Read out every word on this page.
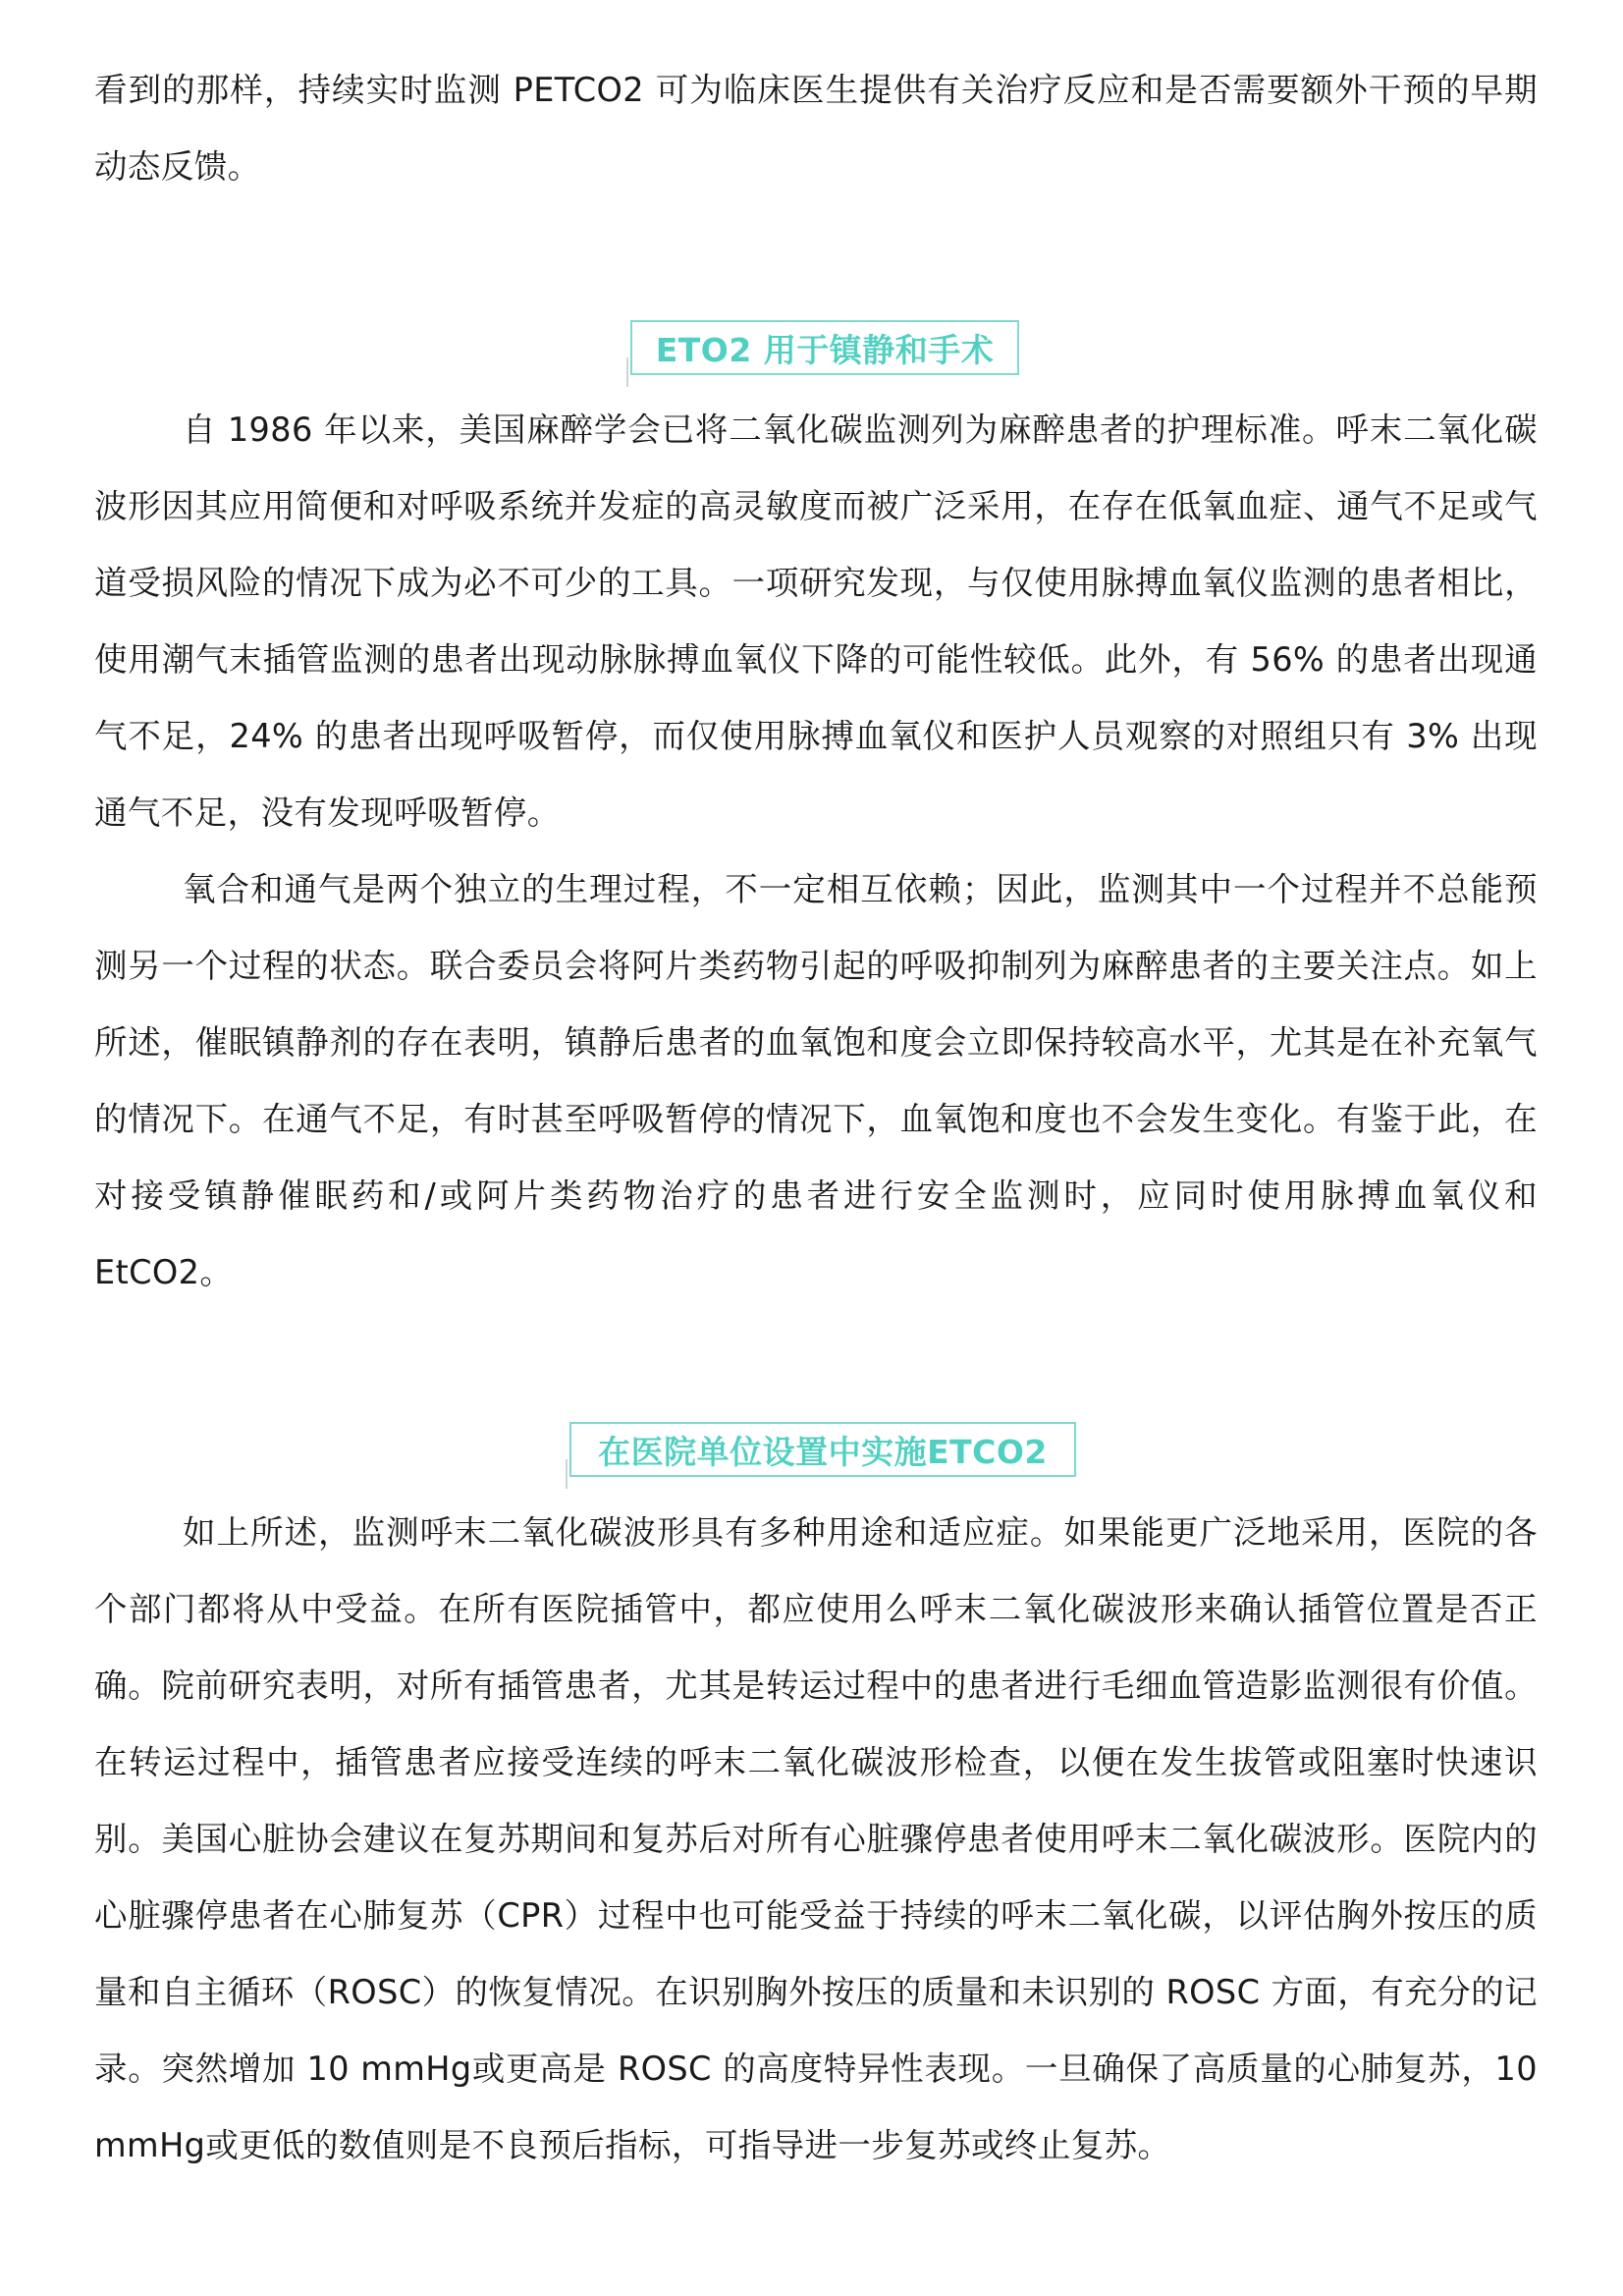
看到的那样，持续实时监测 PETCO2 可为临床医生提供有关治疗反应和是否需要额外干预的早期动态反馈。

ETO2 用于镇静和手术

自 1986 年以来，美国麻醉学会已将二氧化碳监测列为麻醉患者的护理标准。呼末二氧化碳波形因其应用简便和对呼吸系统并发症的高灵敏度而被广泛采用，在存在低氧血症、通气不足或气道受损风险的情况下成为必不可少的工具。一项研究发现，与仅使用脉搏血氧仪监测的患者相比，使用潮气末插管监测的患者出现动脉脉搏血氧仪下降的可能性较低。此外，有 56% 的患者出现通气不足，24% 的患者出现呼吸暂停，而仅使用脉搏血氧仪和医护人员观察的对照组只有 3% 出现通气不足，没有发现呼吸暂停。

氧合和通气是两个独立的生理过程，不一定相互依赖；因此，监测其中一个过程并不总能预测另一个过程的状态。联合委员会将阿片类药物引起的呼吸抑制列为麻醉患者的主要关注点。如上所述，催眠镇静剂的存在表明，镇静后患者的血氧饱和度会立即保持较高水平，尤其是在补充氧气的情况下。在通气不足，有时甚至呼吸暂停的情况下，血氧饱和度也不会发生变化。有鉴于此，在对接受镇静催眠药和/或阿片类药物治疗的患者进行安全监测时，应同时使用脉搏血氧仪和 EtCO2。

在医院单位设置中实施ETCO2

如上所述，监测呼末二氧化碳波形具有多种用途和适应症。如果能更广泛地采用，医院的各个部门都将从中受益。在所有医院插管中，都应使用么呼末二氧化碳波形来确认插管位置是否正确。院前研究表明，对所有插管患者，尤其是转运过程中的患者进行毛细血管造影监测很有价值。在转运过程中，插管患者应接受连续的呼末二氧化碳波形检查，以便在发生拔管或阻塞时快速识别。美国心脏协会建议在复苏期间和复苏后对所有心脏骤停患者使用呼末二氧化碳波形。医院内的心脏骤停患者在心肺复苏（CPR）过程中也可能受益于持续的呼末二氧化碳，以评估胸外按压的质量和自主循环（ROSC）的恢复情况。在识别胸外按压的质量和未识别的 ROSC 方面，有充分的记录。突然增加 10 mmHg或更高是 ROSC 的高度特异性表现。一旦确保了高质量的心肺复苏，10 mmHg或更低的数值则是不良预后指标，可指导进一步复苏或终止复苏。
